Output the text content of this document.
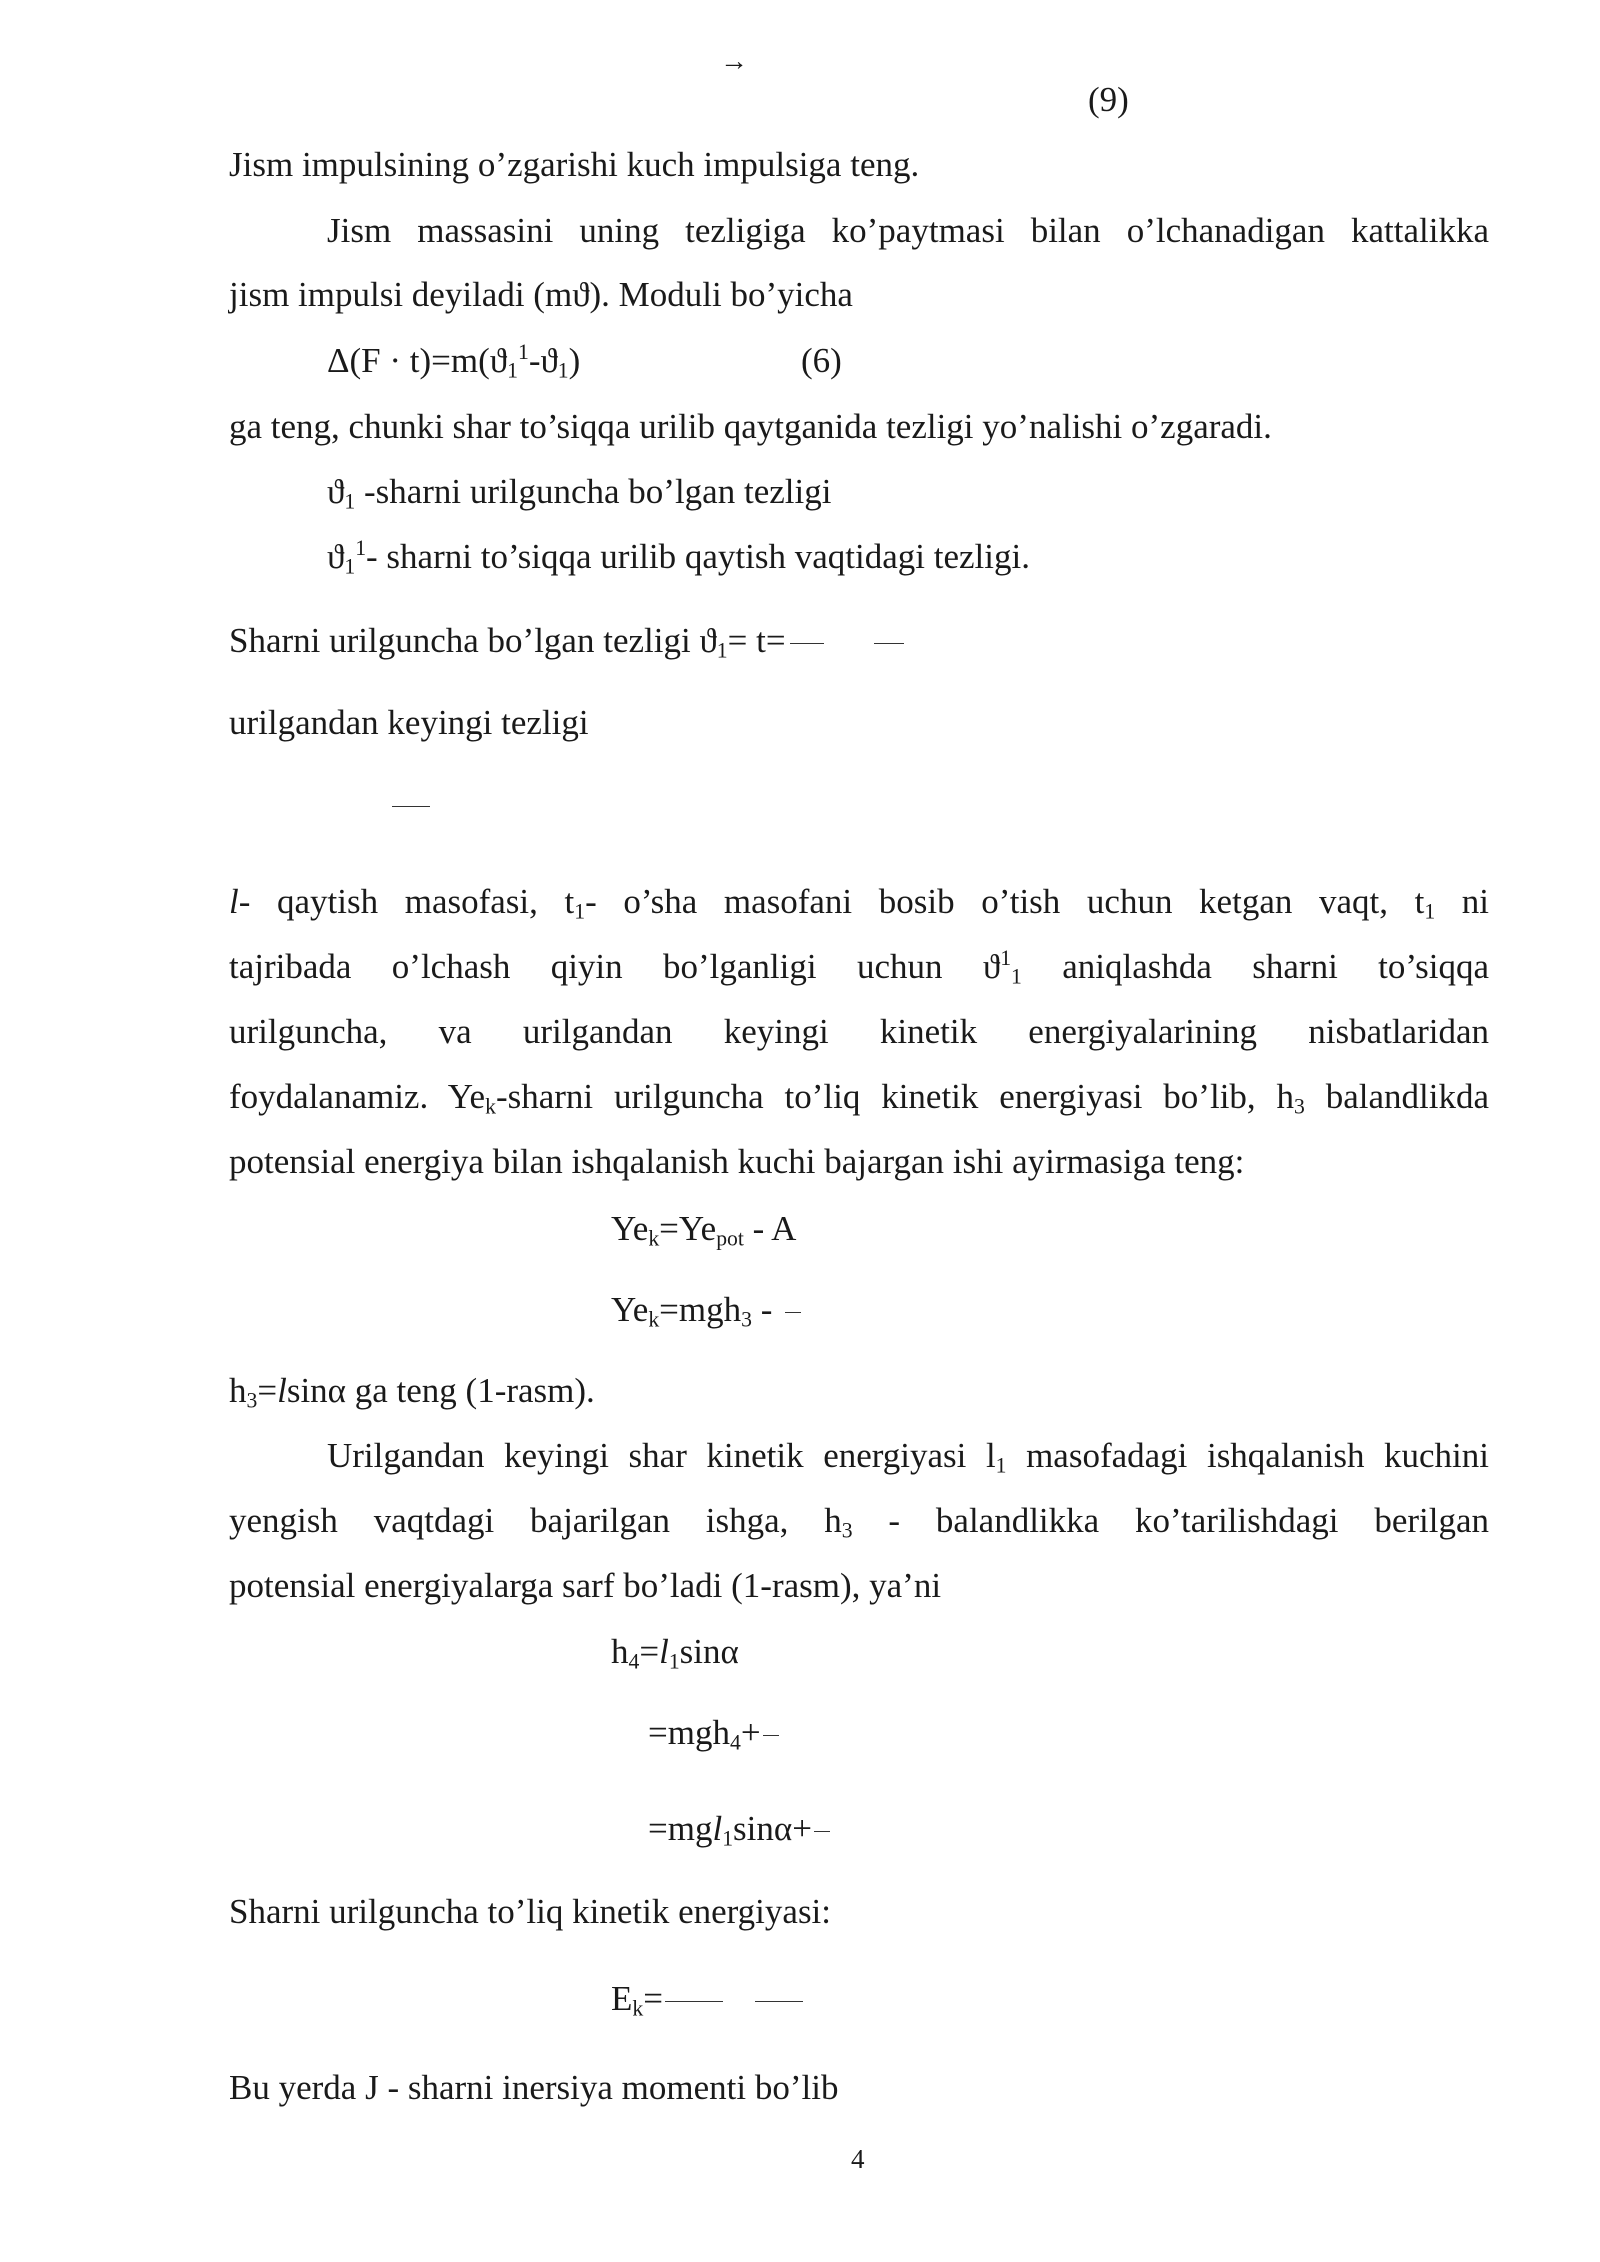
→
(9)
Jism impulsining o’zgarishi kuch impulsiga teng.
Jism massasini uning tezligiga ko’paytmasi bilan o’lchanadigan kattalikka
jism impulsi deyiladi (mϑ). Moduli bo’yicha
$\Delta(F \cdot t)=m(ϑ_1^1-ϑ_1)$	(6)
ga teng, chunki shar to’siqqa urilib qaytganida tezligi yo’nalishi o’zgaradi.
$ϑ_1$ -sharni urilguncha bo’lgan tezligi
$ϑ_1^1-$ sharni to’siqqa urilib qaytish vaqtidagi tezligi.
Sharni urilguncha bo’lgan tezligi $ϑ_1= t=$
urilgandan keyingi tezligi
l- qaytish masofasi, $t_1-$ o’sha masofani bosib o’tish uchun ketgan vaqt, $t_1$ ni
tajribada o’lchash qiyin bo’lganligi uchun $ϑ^1_1$ aniqlashda sharni to’siqqa
urilguncha, va urilgandan keyingi kinetik energiyalarining nisbatlaridan
foydalanamiz. $Ye_k$-sharni urilguncha to’liq kinetik energiyasi bo’lib, $h_3$ balandlikda
potensial energiya bilan ishqalanish kuchi bajargan ishi ayirmasiga teng:
$Ye_k=Ye_{pot} - A$
$Ye_k=mgh_3$ -
$h_3=lsin\alpha$ ga teng (1-rasm).
Urilgandan keyingi shar kinetik energiyasi $l_1$ masofadagi ishqalanish kuchini
yengish vaqtdagi bajarilgan ishga, $h_3$ - balandlikka ko’tarilishdagi berilgan
potensial energiyalarga sarf bo’ladi (1-rasm), ya’ni
$h_4=l_1\sin\alpha$
=mgh$_4$+
=mgl$_1$sinα+
Sharni urilguncha to’liq kinetik energiyasi:
$E_k=$
Bu yerda J - sharni inersiya momenti bo’lib
4
